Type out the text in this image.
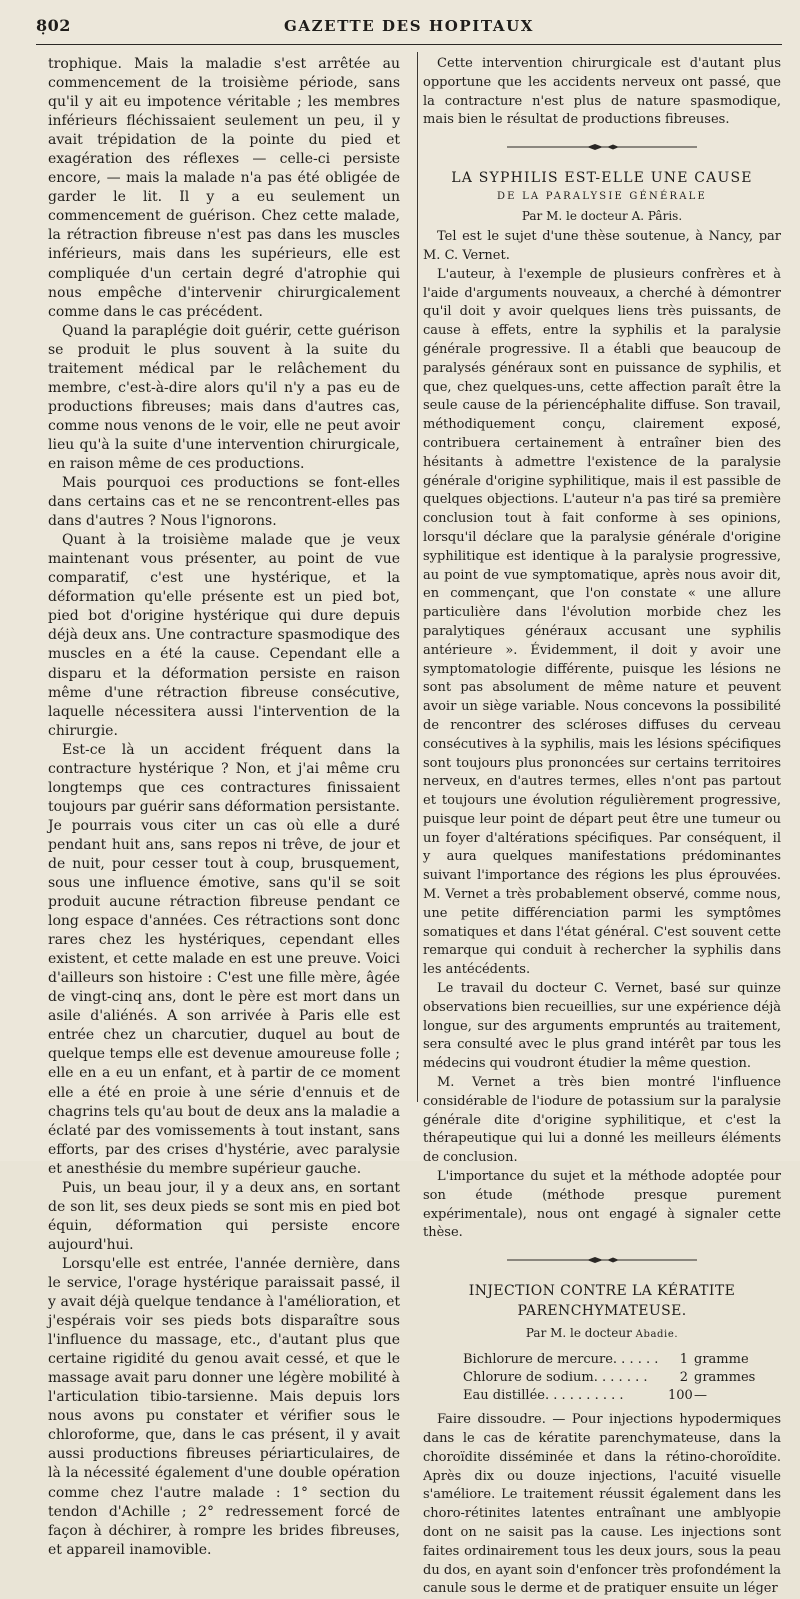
8̣02	GAZETTE DES HOPITAUX

trophique. Mais la maladie s'est arrêtée au commencement de la troisième période, sans qu'il y ait eu impotence véritable ; les membres inférieurs fléchissaient seulement un peu, il y avait trépidation de la pointe du pied et exagération des réflexes — celle-ci persiste encore, — mais la malade n'a pas été obligée de garder le lit. Il y a eu seulement un commencement de guérison. Chez cette malade, la rétraction fibreuse n'est pas dans les muscles inférieurs, mais dans les supérieurs, elle est compliquée d'un certain degré d'atrophie qui nous empêche d'intervenir chirurgicalement comme dans le cas précédent.

Quand la paraplégie doit guérir, cette guérison se produit le plus souvent à la suite du traitement médical par le relâchement du membre, c'est-à-dire alors qu'il n'y a pas eu de productions fibreuses; mais dans d'autres cas, comme nous venons de le voir, elle ne peut avoir lieu qu'à la suite d'une intervention chirurgicale, en raison même de ces productions.

Mais pourquoi ces productions se font-elles dans certains cas et ne se rencontrent-elles pas dans d'autres ? Nous l'ignorons.

Quant à la troisième malade que je veux maintenant vous présenter, au point de vue comparatif, c'est une hystérique, et la déformation qu'elle présente est un pied bot, pied bot d'origine hystérique qui dure depuis déjà deux ans. Une contracture spasmodique des muscles en a été la cause. Cependant elle a disparu et la déformation persiste en raison même d'une rétraction fibreuse consécutive, laquelle nécessitera aussi l'intervention de la chirurgie.

Est-ce là un accident fréquent dans la contracture hystérique ? Non, et j'ai même cru longtemps que ces contractures finissaient toujours par guérir sans déformation persistante. Je pourrais vous citer un cas où elle a duré pendant huit ans, sans repos ni trêve, de jour et de nuit, pour cesser tout à coup, brusquement, sous une influence émotive, sans qu'il se soit produit aucune rétraction fibreuse pendant ce long espace d'années. Ces rétractions sont donc rares chez les hystériques, cependant elles existent, et cette malade en est une preuve. Voici d'ailleurs son histoire : C'est une fille mère, âgée de vingt-cinq ans, dont le père est mort dans un asile d'aliénés. A son arrivée à Paris elle est entrée chez un charcutier, duquel au bout de quelque temps elle est devenue amoureuse folle ; elle en a eu un enfant, et à partir de ce moment elle a été en proie à une série d'ennuis et de chagrins tels qu'au bout de deux ans la maladie a éclaté par des vomissements à tout instant, sans efforts, par des crises d'hystérie, avec paralysie et anesthésie du membre supérieur gauche.

Puis, un beau jour, il y a deux ans, en sortant de son lit, ses deux pieds se sont mis en pied bot équin, déformation qui persiste encore aujourd'hui.

Lorsqu'elle est entrée, l'année dernière, dans le service, l'orage hystérique paraissait passé, il y avait déjà quelque tendance à l'amélioration, et j'espérais voir ses pieds bots disparaître sous l'influence du massage, etc., d'autant plus que certaine rigidité du genou avait cessé, et que le massage avait paru donner une légère mobilité à l'articulation tibio-tarsienne. Mais depuis lors nous avons pu constater et vérifier sous le chloroforme, que, dans le cas présent, il y avait aussi productions fibreuses périarticulaires, de là la nécessité également d'une double opération comme chez l'autre malade : 1° section du tendon d'Achille ; 2° redressement forcé de façon à déchirer, à rompre les brides fibreuses, et appareil inamovible.

Cette intervention chirurgicale est d'autant plus opportune que les accidents nerveux ont passé, que la contracture n'est plus de nature spasmodique, mais bien le résultat de productions fibreuses.

LA SYPHILIS EST-ELLE UNE CAUSE
DE LA PARALYSIE GÉNÉRALE
Par M. le docteur A. Pâris.

Tel est le sujet d'une thèse soutenue, à Nancy, par M. C. Vernet.

L'auteur, à l'exemple de plusieurs confrères et à l'aide d'arguments nouveaux, a cherché à démontrer qu'il doit y avoir quelques liens très puissants, de cause à effets, entre la syphilis et la paralysie générale progressive. Il a établi que beaucoup de paralysés généraux sont en puissance de syphilis, et que, chez quelques-uns, cette affection paraît être la seule cause de la périencéphalite diffuse. Son travail, méthodiquement conçu, clairement exposé, contribuera certainement à entraîner bien des hésitants à admettre l'existence de la paralysie générale d'origine syphilitique, mais il est passible de quelques objections. L'auteur n'a pas tiré sa première conclusion tout à fait conforme à ses opinions, lorsqu'il déclare que la paralysie générale d'origine syphilitique est identique à la paralysie progressive, au point de vue symptomatique, après nous avoir dit, en commençant, que l'on constate « une allure particulière dans l'évolution morbide chez les paralytiques généraux accusant une syphilis antérieure ». Évidemment, il doit y avoir une symptomatologie différente, puisque les lésions ne sont pas absolument de même nature et peuvent avoir un siège variable. Nous concevons la possibilité de rencontrer des scléroses diffuses du cerveau consécutives à la syphilis, mais les lésions spécifiques sont toujours plus prononcées sur certains territoires nerveux, en d'autres termes, elles n'ont pas partout et toujours une évolution régulièrement progressive, puisque leur point de départ peut être une tumeur ou un foyer d'altérations spécifiques. Par conséquent, il y aura quelques manifestations prédominantes suivant l'importance des régions les plus éprouvées. M. Vernet a très probablement observé, comme nous, une petite différenciation parmi les symptômes somatiques et dans l'état général. C'est souvent cette remarque qui conduit à rechercher la syphilis dans les antécédents.

Le travail du docteur C. Vernet, basé sur quinze observations bien recueillies, sur une expérience déjà longue, sur des arguments empruntés au traitement, sera consulté avec le plus grand intérêt par tous les médecins qui voudront étudier la même question.

M. Vernet a très bien montré l'influence considérable de l'iodure de potassium sur la paralysie générale dite d'origine syphilitique, et c'est la thérapeutique qui lui a donné les meilleurs éléments de conclusion.

L'importance du sujet et la méthode adoptée pour son étude (méthode presque purement expérimentale), nous ont engagé à signaler cette thèse.

INJECTION CONTRE LA KÉRATITE PARENCHYMATEUSE.
Par M. le docteur Abadie.
Bichlorure de mercure. . . . . .	1 gramme
Chlorure de sodium. . . . . . .	2 grammes
Eau distillée. . . . . . . . . .	100 —

Faire dissoudre. — Pour injections hypodermiques dans le cas de kératite parenchymateuse, dans la choroïdite disséminée et dans la rétino-choroïdite. Après dix ou douze injections, l'acuité visuelle s'améliore. Le traitement réussit également dans les choro-rétinites latentes entraînant une amblyopie dont on ne saisit pas la cause. Les injections sont faites ordinairement tous les deux jours, sous la peau du dos, en ayant soin d'enfoncer très profondément la canule sous le derme et de pratiquer ensuite un léger
